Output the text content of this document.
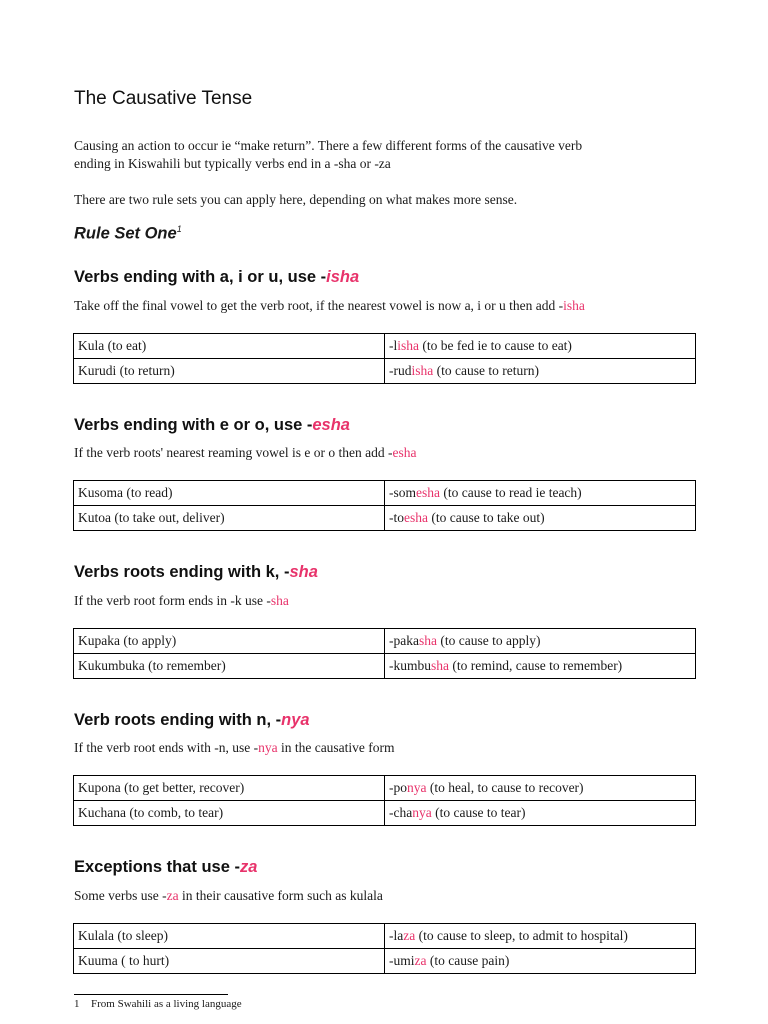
The Causative Tense
Causing an action to occur ie “make return”. There a few different forms of the causative verb
ending in Kiswahili but typically verbs end in a -sha or -za
There are two rule sets you can apply here, depending on what makes more sense.
Rule Set One$^1$
Verbs ending with a, i or u, use -isha
Take off the final vowel to get the verb root, if the nearest vowel is now a, i or u then add -isha
Kula (to eat)	-lisha (to be fed ie to cause to eat)
Kurudi (to return)	-rudisha (to cause to return)
Verbs ending with e or o, use -esha
If the verb roots' nearest reaming vowel is e or o then add -esha
Kusoma (to read)	-somesha (to cause to read ie teach)
Kutoa (to take out, deliver)	-toesha (to cause to take out)
Verbs roots ending with k, -sha
If the verb root form ends in -k use -sha
Kupaka (to apply)	-pakasha (to cause to apply)
Kukumbuka (to remember)	-kumbusha (to remind, cause to remember)
Verb roots ending with n, -nya
If the verb root ends with -n, use -nya in the causative form
Kupona (to get better, recover)	-ponya (to heal, to cause to recover)
Kuchana (to comb, to tear)	-chanya (to cause to tear)
Exceptions that use -za
Some verbs use -za in their causative form such as kulala
Kulala (to sleep)	-laza (to cause to sleep, to admit to hospital)
Kuuma ( to hurt)	-umiza (to cause pain)
1 From Swahili as a living language
